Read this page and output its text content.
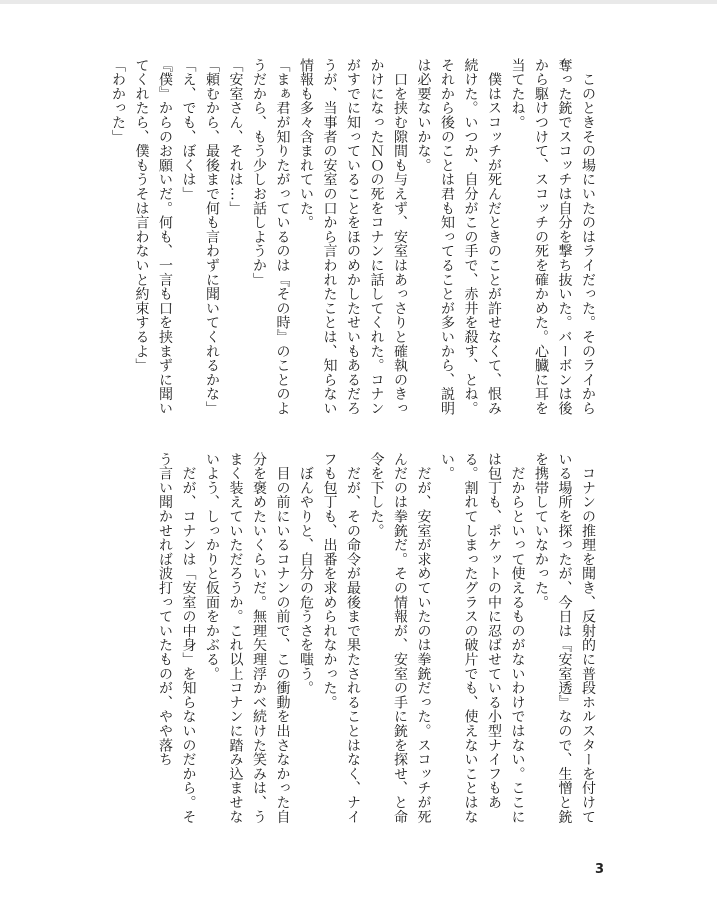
　このときその場にいたのはライだった。そのライから奪った銃でスコッチは自分を撃ち抜いた。バーボンは後から駆けつけて、スコッチの死を確かめた。心臓に耳を当てたね。

　僕はスコッチが死んだときのことが許せなくて、恨み続けた。いつか、自分がこの手で、赤井を殺す、とね。それから後のことは君も知ってることが多いから、説明は必要ないかな。

　口を挟む隙間も与えず、安室はあっさりと確執のきっかけになったＮＯの死をコナンに話してくれた。コナンがすでに知っていることをほのめかしたせいもあるだろうが、当事者の安室の口から言われたことは、知らない情報も多々含まれていた。

「まぁ君が知りたがっているのは『その時』のことのようだから、もう少しお話しようか」

「安室さん、それは…」

「頼むから、最後まで何も言わずに聞いてくれるかな」

「え、でも、ぼくは」

『僕』からのお願いだ。何も、一言も口を挟まずに聞いてくれたら、僕もうそは言わないと約束するよ」

「わかった」

　コナンの推理を聞き、反射的に普段ホルスターを付けている場所を探ったが、今日は『安室透』なので、生憎と銃を携帯していなかった。

　だからといって使えるものがないわけではない。ここには包丁も、ポケットの中に忍ばせている小型ナイフもある。割れてしまったグラスの破片でも、使えないことはない。

　だが、安室が求めていたのは拳銃だった。スコッチが死んだのは拳銃だ。その情報が、安室の手に銃を探せ、と命令を下した。

　だが、その命令が最後まで果たされることはなく、ナイフも包丁も、出番を求められなかった。

　ぼんやりと、自分の危うさを嗤う。

　目の前にいるコナンの前で、この衝動を出さなかった自分を褒めたいくらいだ。無理矢理浮かべ続けた笑みは、うまく装えていただろうか。これ以上コナンに踏み込ませないよう、しっかりと仮面をかぶる。

　だが、コナンは「安室の中身」を知らないのだから。そう言い聞かせれば波打っていたものが、やや落ち

3
